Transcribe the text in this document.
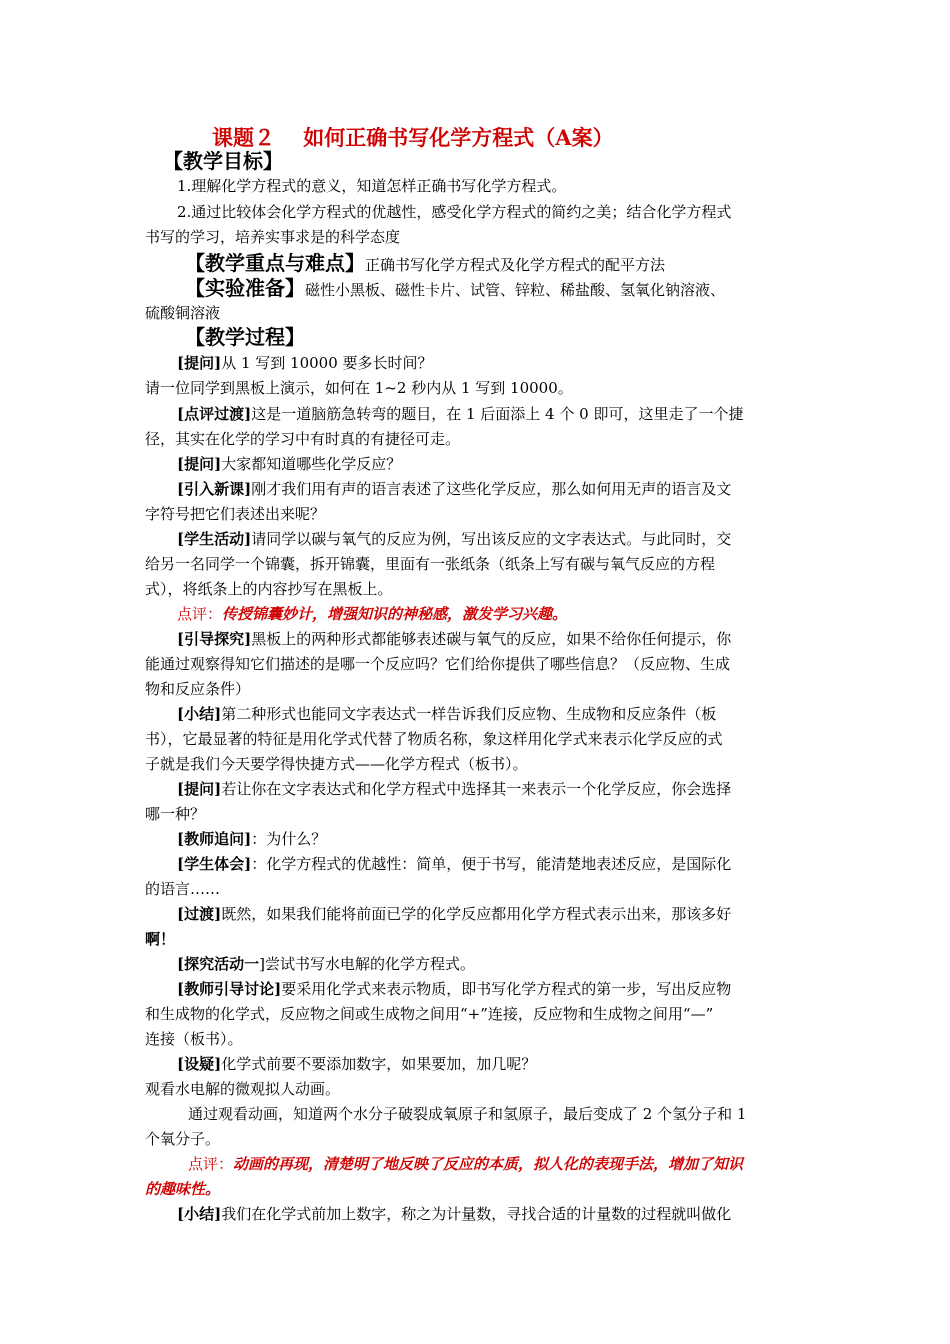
课题２　 如何正确书写化学方程式（A案）
【教学目标】
1.理解化学方程式的意义，知道怎样正确书写化学方程式。
2.通过比较体会化学方程式的优越性，感受化学方程式的简约之美；结合化学方程式
书写的学习，培养实事求是的科学态度
【教学重点与难点】正确书写化学方程式及化学方程式的配平方法
【实验准备】磁性小黑板、磁性卡片、试管、锌粒、稀盐酸、氢氧化钠溶液、
硫酸铜溶液
【教学过程】
[提问]从 1 写到 10000 要多长时间？
请一位同学到黑板上演示，如何在 1~2 秒内从 1 写到 10000。
[点评过渡]这是一道脑筋急转弯的题目，在 1 后面添上 4 个 0 即可，这里走了一个捷
径，其实在化学的学习中有时真的有捷径可走。
[提问]大家都知道哪些化学反应？
[引入新课]刚才我们用有声的语言表述了这些化学反应，那么如何用无声的语言及文
字符号把它们表述出来呢？
[学生活动]请同学以碳与氧气的反应为例，写出该反应的文字表达式。与此同时，交
给另一名同学一个锦囊，拆开锦囊，里面有一张纸条（纸条上写有碳与氧气反应的方程
式），将纸条上的内容抄写在黑板上。
点评：传授锦囊妙计，增强知识的神秘感，激发学习兴趣。
[引导探究]黑板上的两种形式都能够表述碳与氧气的反应，如果不给你任何提示，你
能通过观察得知它们描述的是哪一个反应吗？它们给你提供了哪些信息？（反应物、生成
物和反应条件）
[小结]第二种形式也能同文字表达式一样告诉我们反应物、生成物和反应条件（板
书），它最显著的特征是用化学式代替了物质名称，象这样用化学式来表示化学反应的式
子就是我们今天要学得快捷方式——化学方程式（板书）。
[提问]若让你在文字表达式和化学方程式中选择其一来表示一个化学反应，你会选择
哪一种？
[教师追问]：为什么？
[学生体会]：化学方程式的优越性：简单，便于书写，能清楚地表述反应，是国际化
的语言……
[过渡]既然，如果我们能将前面已学的化学反应都用化学方程式表示出来，那该多好
啊！
[探究活动一]尝试书写水电解的化学方程式。
[教师引导讨论]要采用化学式来表示物质，即书写化学方程式的第一步，写出反应物
和生成物的化学式，反应物之间或生成物之间用“+”连接，反应物和生成物之间用“—”
连接（板书）。
[设疑]化学式前要不要添加数字，如果要加，加几呢？
观看水电解的微观拟人动画。
通过观看动画，知道两个水分子破裂成氧原子和氢原子，最后变成了 2 个氢分子和 1
个氧分子。
点评：动画的再现，清楚明了地反映了反应的本质，拟人化的表现手法，增加了知识
的趣味性。
[小结]我们在化学式前加上数字，称之为计量数，寻找合适的计量数的过程就叫做化
